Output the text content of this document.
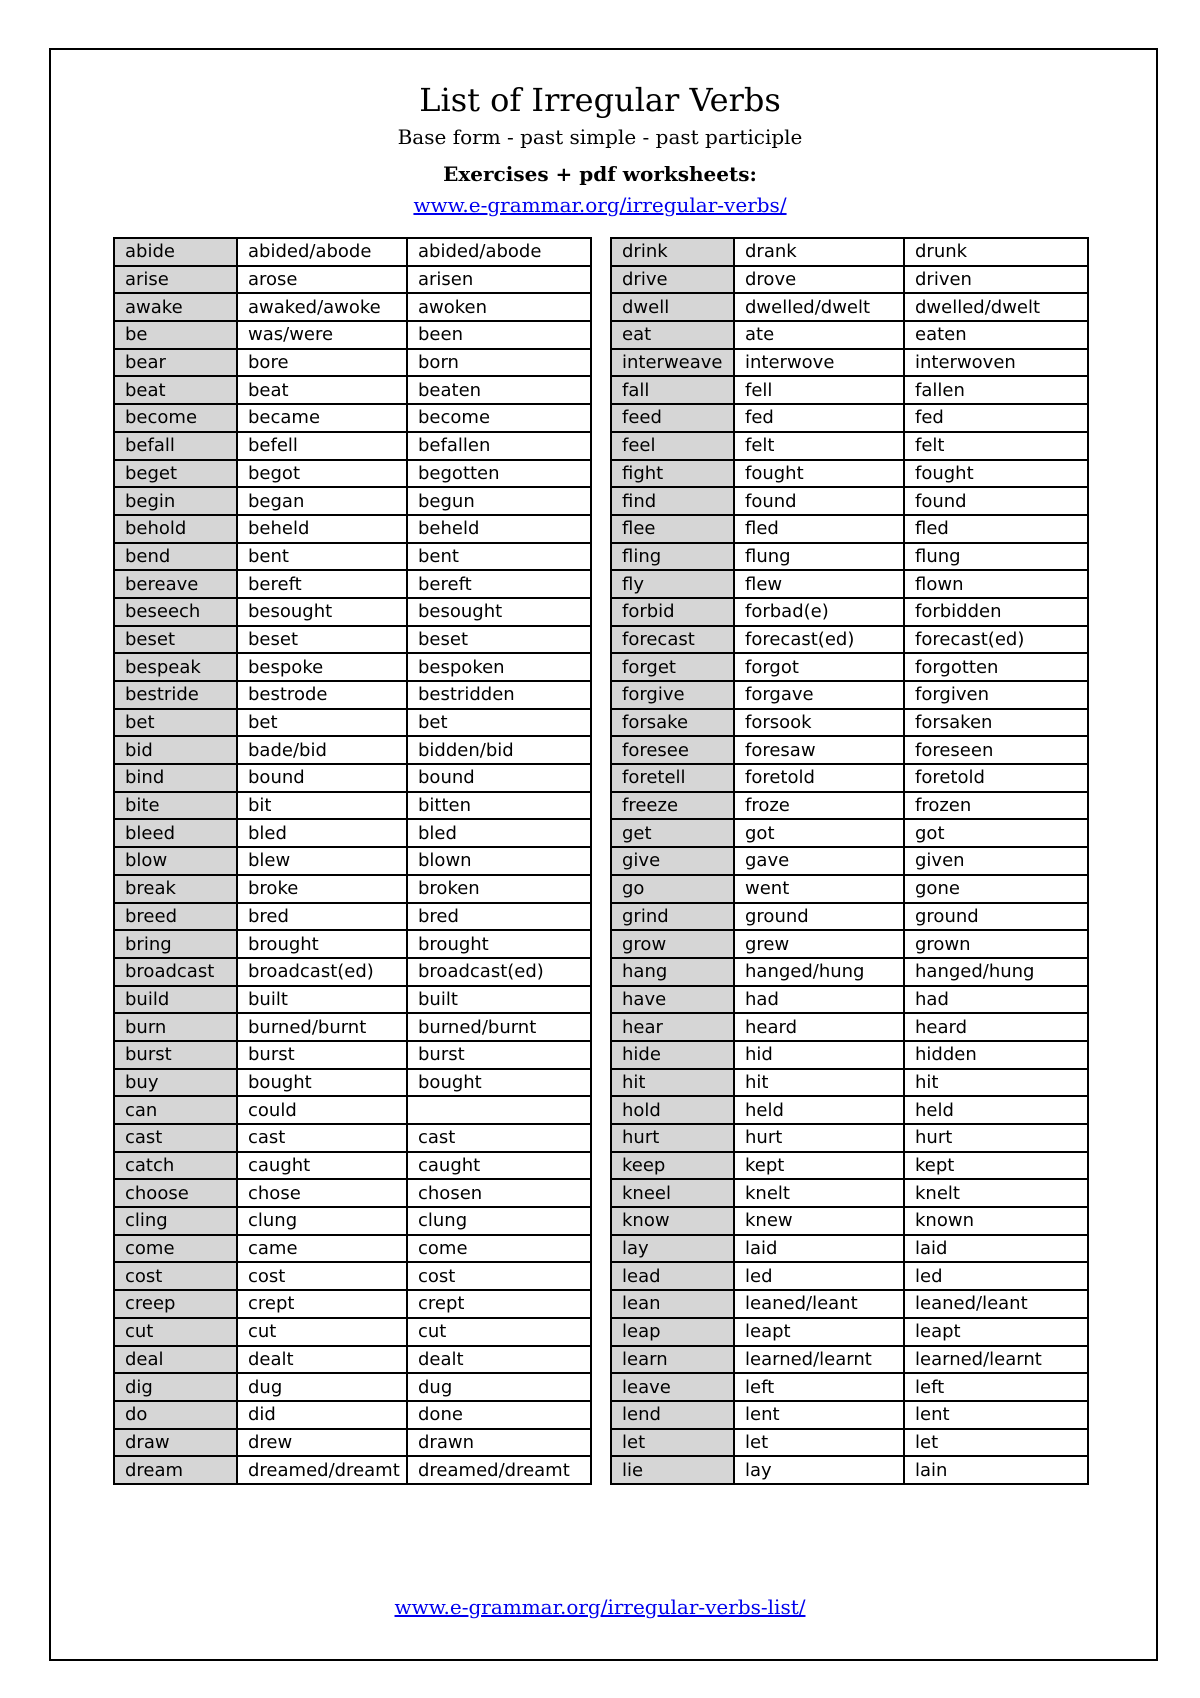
List of Irregular Verbs
Base form - past simple - past participle
Exercises + pdf worksheets:
www.e-grammar.org/irregular-verbs/
abide	abided/abode	abided/abode
arise	arose	arisen
awake	awaked/awoke	awoken
be	was/were	been
bear	bore	born
beat	beat	beaten
become	became	become
befall	befell	befallen
beget	begot	begotten
begin	began	begun
behold	beheld	beheld
bend	bent	bent
bereave	bereft	bereft
beseech	besought	besought
beset	beset	beset
bespeak	bespoke	bespoken
bestride	bestrode	bestridden
bet	bet	bet
bid	bade/bid	bidden/bid
bind	bound	bound
bite	bit	bitten
bleed	bled	bled
blow	blew	blown
break	broke	broken
breed	bred	bred
bring	brought	brought
broadcast	broadcast(ed)	broadcast(ed)
build	built	built
burn	burned/burnt	burned/burnt
burst	burst	burst
buy	bought	bought
can	could	
cast	cast	cast
catch	caught	caught
choose	chose	chosen
cling	clung	clung
come	came	come
cost	cost	cost
creep	crept	crept
cut	cut	cut
deal	dealt	dealt
dig	dug	dug
do	did	done
draw	drew	drawn
dream	dreamed/dreamt	dreamed/dreamt
drink	drank	drunk
drive	drove	driven
dwell	dwelled/dwelt	dwelled/dwelt
eat	ate	eaten
interweave	interwove	interwoven
fall	fell	fallen
feed	fed	fed
feel	felt	felt
fight	fought	fought
find	found	found
flee	fled	fled
fling	flung	flung
fly	flew	flown
forbid	forbad(e)	forbidden
forecast	forecast(ed)	forecast(ed)
forget	forgot	forgotten
forgive	forgave	forgiven
forsake	forsook	forsaken
foresee	foresaw	foreseen
foretell	foretold	foretold
freeze	froze	frozen
get	got	got
give	gave	given
go	went	gone
grind	ground	ground
grow	grew	grown
hang	hanged/hung	hanged/hung
have	had	had
hear	heard	heard
hide	hid	hidden
hit	hit	hit
hold	held	held
hurt	hurt	hurt
keep	kept	kept
kneel	knelt	knelt
know	knew	known
lay	laid	laid
lead	led	led
lean	leaned/leant	leaned/leant
leap	leapt	leapt
learn	learned/learnt	learned/learnt
leave	left	left
lend	lent	lent
let	let	let
lie	lay	lain
www.e-grammar.org/irregular-verbs-list/
